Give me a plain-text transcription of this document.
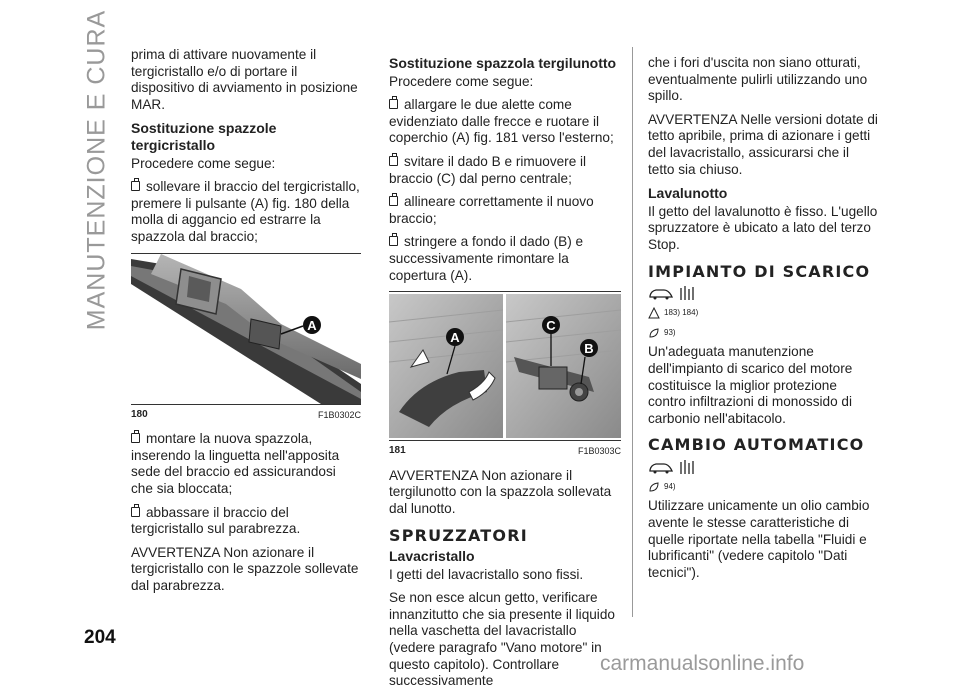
MANUTENZIONE E CURA
204
carmanualsonline.info

prima di attivare nuovamente il tergicristallo e/o di portare il dispositivo di avviamento in posizione MAR.

Sostituzione spazzole tergicristallo

Procedere come segue:

sollevare il braccio del tergicristallo, premere li pulsante (A) fig. 180 della molla di aggancio ed estrarre la spazzola dal braccio;

A
180	F1B0302C

montare la nuova spazzola, inserendo la linguetta nell'apposita sede del braccio ed assicurandosi che sia bloccata;

abbassare il braccio del tergicristallo sul parabrezza.

AVVERTENZA Non azionare il tergicristallo con le spazzole sollevate dal parabrezza.

Sostituzione spazzola tergilunotto

Procedere come segue:

allargare le due alette come evidenziato dalle frecce e ruotare il coperchio (A) fig. 181 verso l'esterno;

svitare il dado B e rimuovere il braccio (C) dal perno centrale;

allineare correttamente il nuovo braccio;

stringere a fondo il dado (B) e successivamente rimontare la copertura (A).

A
C
B
181	F1B0303C

AVVERTENZA Non azionare il tergilunotto con la spazzola sollevata dal lunotto.

SPRUZZATORI
Lavacristallo

I getti del lavacristallo sono fissi.

Se non esce alcun getto, verificare innanzitutto che sia presente il liquido nella vaschetta del lavacristallo (vedere paragrafo "Vano motore" in questo capitolo). Controllare successivamente

che i fori d'uscita non siano otturati, eventualmente pulirli utilizzando uno spillo.

AVVERTENZA Nelle versioni dotate di tetto apribile, prima di azionare i getti del lavacristallo, assicurarsi che il tetto sia chiuso.

Lavalunotto

Il getto del lavalunotto è fisso. L'ugello spruzzatore è ubicato a lato del terzo Stop.

IMPIANTO DI SCARICO
183) 184)
93)

Un'adeguata manutenzione dell'impianto di scarico del motore costituisce la miglior protezione contro infiltrazioni di monossido di carbonio nell'abitacolo.

CAMBIO AUTOMATICO
94)

Utilizzare unicamente un olio cambio avente le stesse caratteristiche di quelle riportate nella tabella "Fluidi e lubrificanti" (vedere capitolo "Dati tecnici").
